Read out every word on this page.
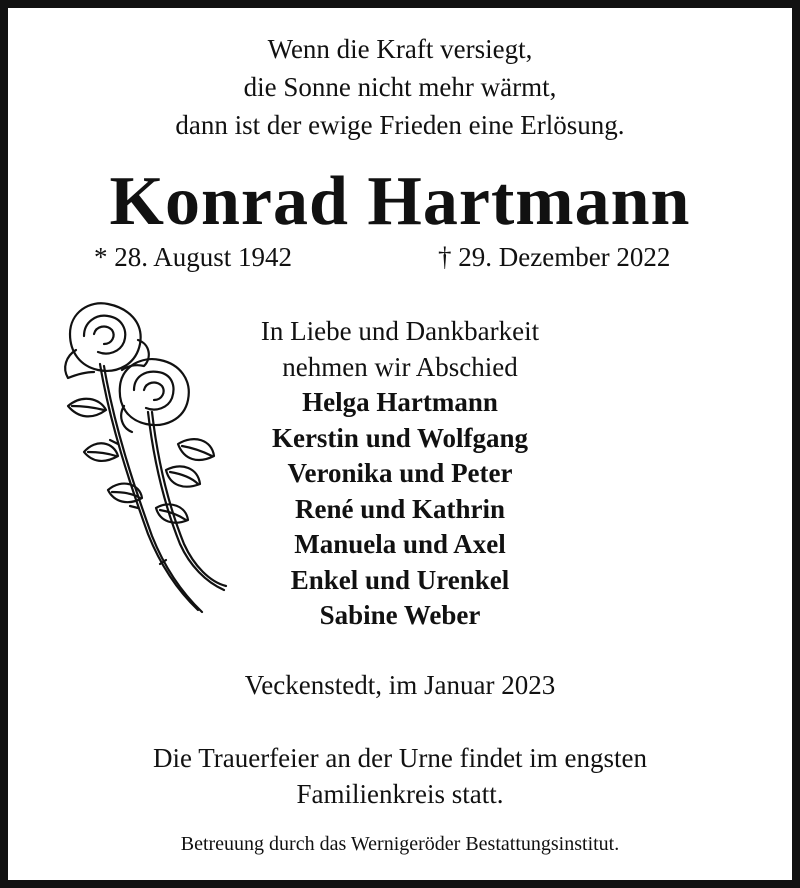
Wenn die Kraft versiegt,
die Sonne nicht mehr wärmt,
dann ist der ewige Frieden eine Erlösung.
Konrad Hartmann
* 28. August 1942	† 29. Dezember 2022
In Liebe und Dankbarkeit
nehmen wir Abschied
Helga Hartmann
Kerstin und Wolfgang
Veronika und Peter
René und Kathrin
Manuela und Axel
Enkel und Urenkel
Sabine Weber
Veckenstedt, im Januar 2023
Die Trauerfeier an der Urne findet im engsten
Familienkreis statt.
Betreuung durch das Wernigeröder Bestattungsinstitut.
